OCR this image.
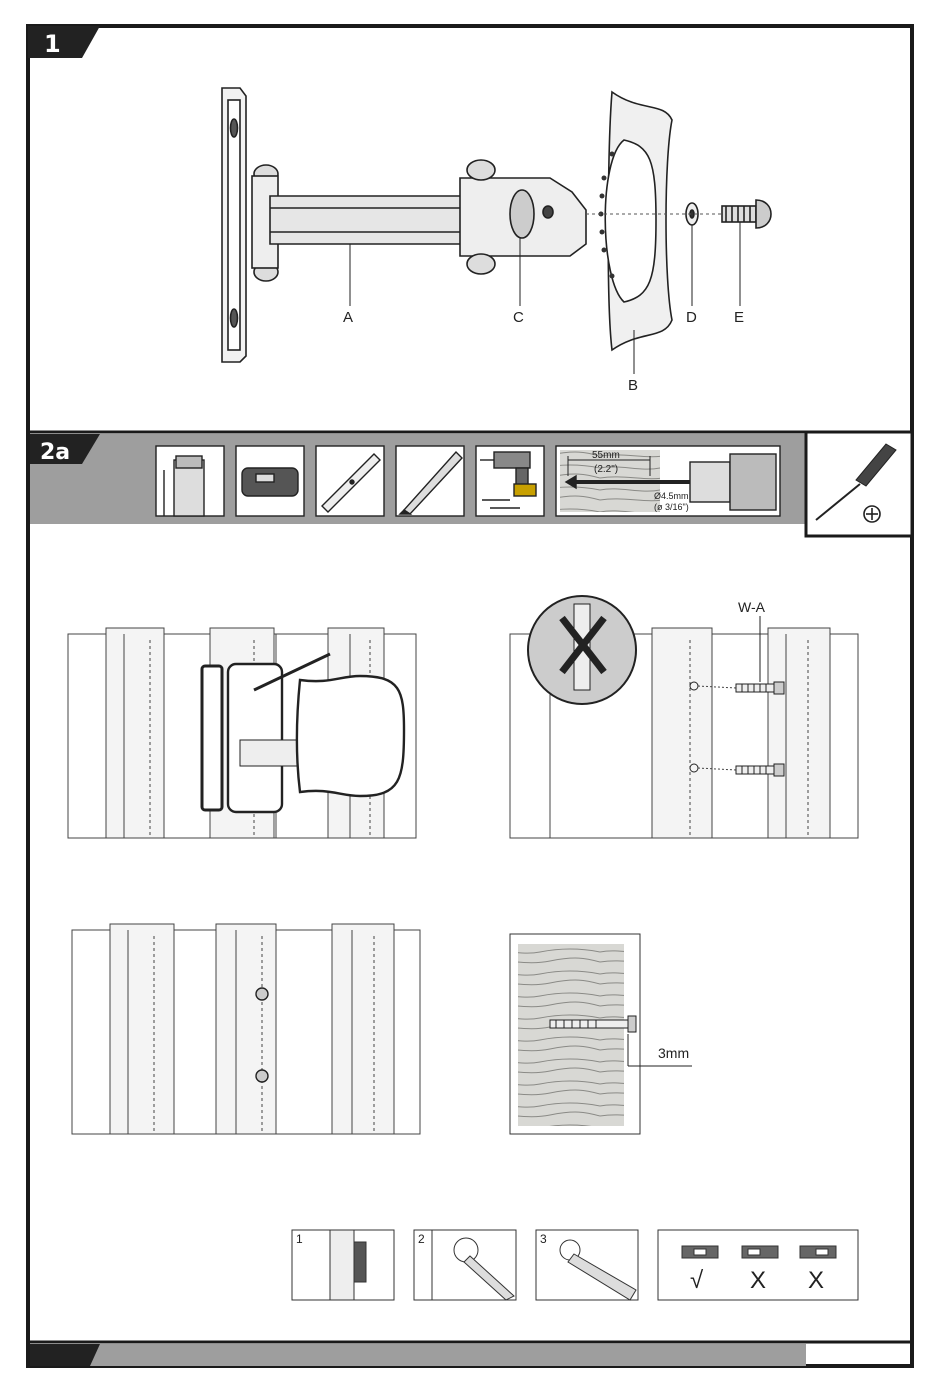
1
A	C
B
D E
2a	55mm
(2.2")
Ø4.5mm
(ø 3/16")
W-A
3mm
1	2	3
√ X X
